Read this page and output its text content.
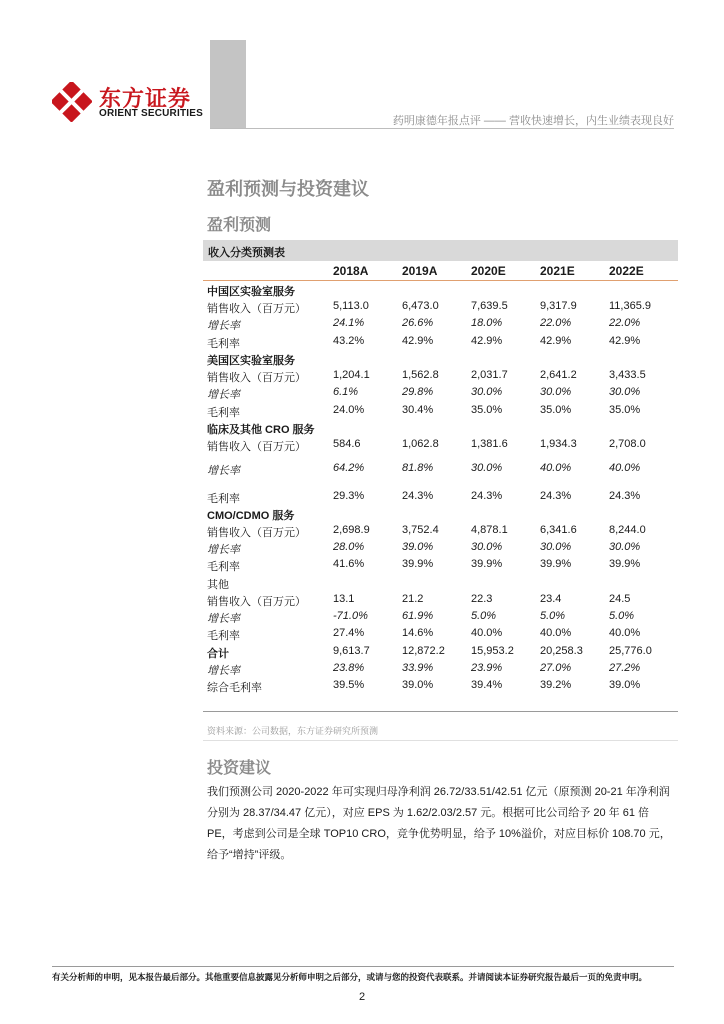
东方证券
ORIENT SECURITIES
药明康德年报点评 —— 营收快速增长，内生业绩表现良好
盈利预测与投资建议
盈利预测
收入分类预测表
2018A	2019A	2020E	2021E	2022E
中国区实验室服务
销售收入（百万元） 5,113.0	6,473.0	7,639.5	9,317.9	11,365.9
增长率	24.1%	26.6%	18.0%	22.0%	22.0%
毛利率	43.2%	42.9%	42.9%	42.9%	42.9%
美国区实验室服务
销售收入（百万元） 1,204.1	1,562.8	2,031.7	2,641.2	3,433.5
增长率	6.1%	29.8%	30.0%	30.0%	30.0%
毛利率	24.0%	30.4%	35.0%	35.0%	35.0%
临床及其他 CRO 服务
销售收入（百万元） 584.6	1,062.8	1,381.6	1,934.3	2,708.0
增长率	64.2%	81.8%	30.0%	40.0%	40.0%
毛利率	29.3%	24.3%	24.3%	24.3%	24.3%
CMO/CDMO 服务
销售收入（百万元） 2,698.9	3,752.4	4,878.1	6,341.6	8,244.0
增长率	28.0%	39.0%	30.0%	30.0%	30.0%
毛利率	41.6%	39.9%	39.9%	39.9%	39.9%
其他
销售收入（百万元） 13.1	21.2	22.3	23.4	24.5
增长率	-71.0%	61.9%	5.0%	5.0%	5.0%
毛利率	27.4%	14.6%	40.0%	40.0%	40.0%
合计	9,613.7	12,872.2 15,953.2 20,258.3 25,776.0
增长率	23.8%	33.9%	23.9%	27.0%	27.2%
综合毛利率	39.5%	39.0%	39.4%	39.2%	39.0%
资料来源：公司数据，东方证券研究所预测
投资建议
我们预测公司 2020-2022 年可实现归母净利润 26.72/33.51/42.51 亿元（原预测 20-21 年净利润分别为 28.37/34.47 亿元），对应 EPS 为 1.62/2.03/2.57 元。根据可比公司给予 20 年 61 倍 PE，考虑到公司是全球 TOP10 CRO，竞争优势明显，给予 10%溢价，对应目标价 108.70 元，给予“增持”评级。
有关分析师的申明，见本报告最后部分。其他重要信息披露见分析师申明之后部分，或请与您的投资代表联系。并请阅读本证券研究报告最后一页的免责申明。
2
